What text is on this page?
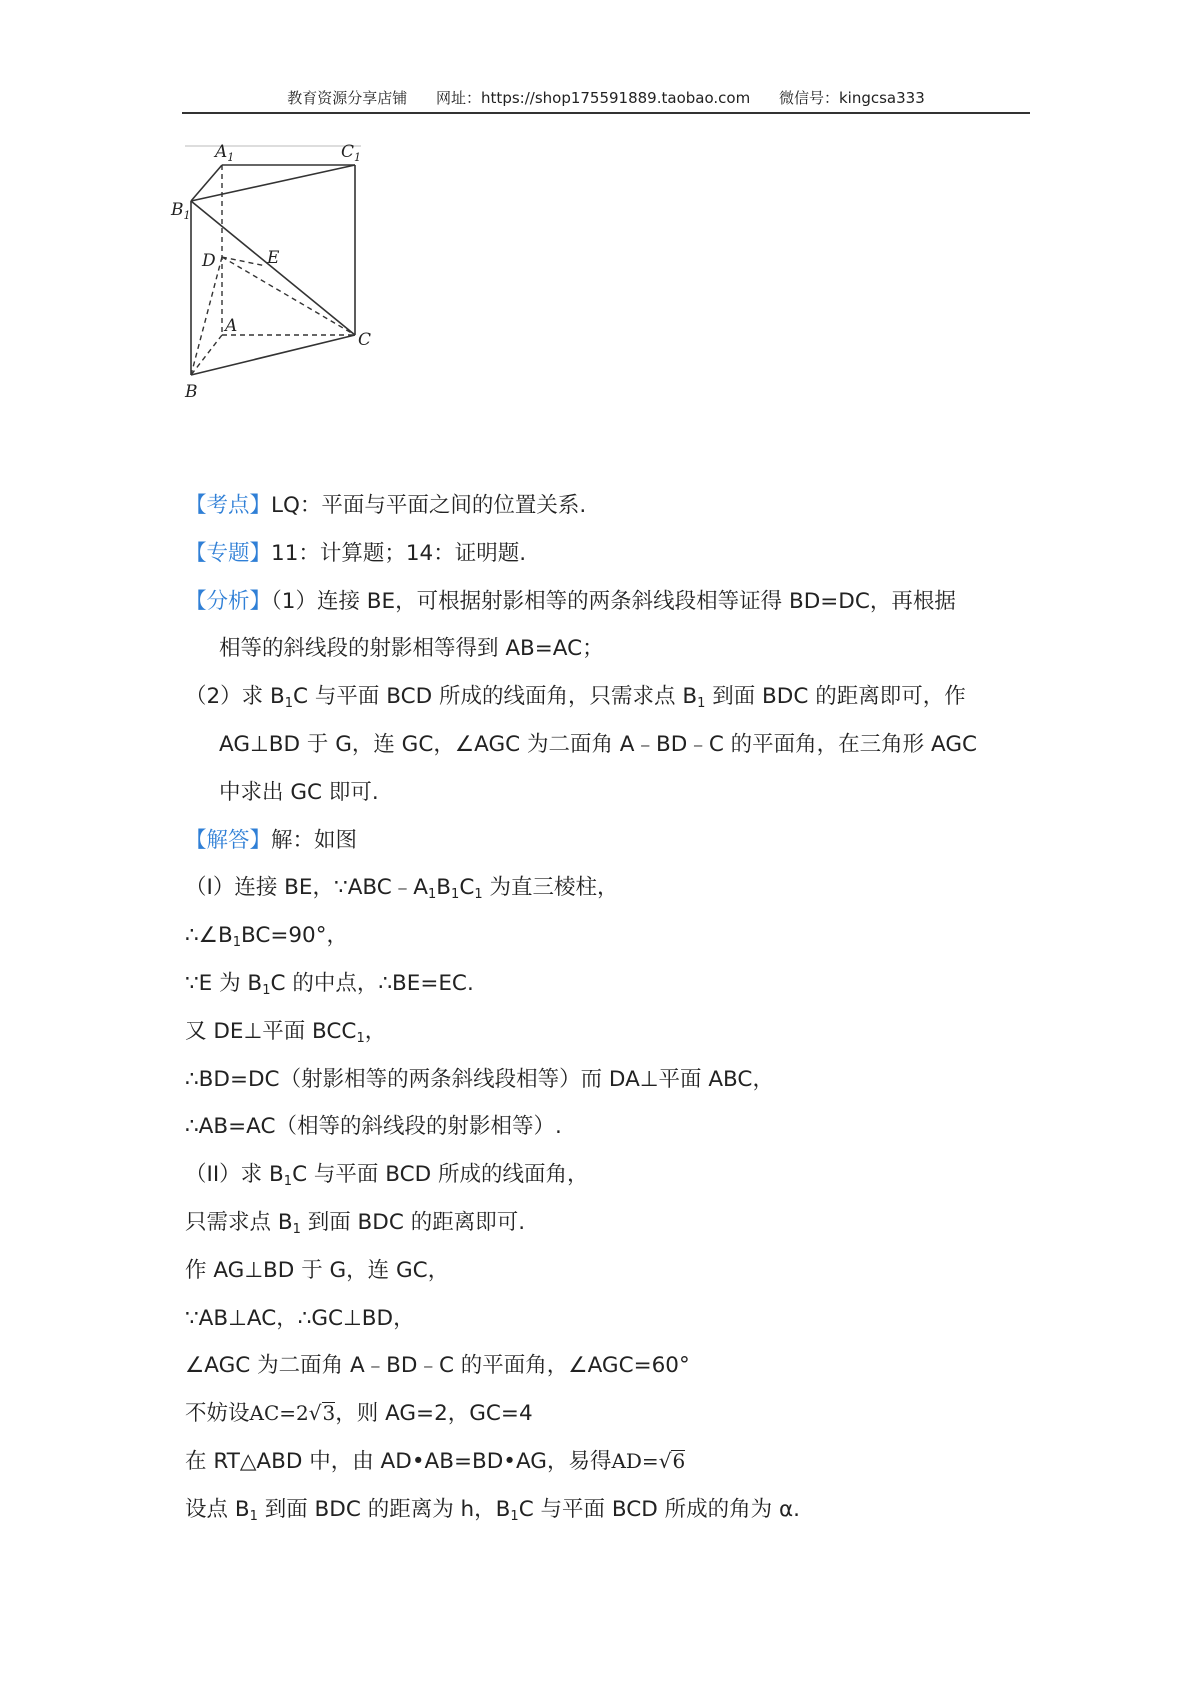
教育资源分享店铺 网址：https://shop175591889.taobao.com 微信号：kingcsa333
$A_1$	$C_1$
$B_1$
D	E
A
C
B
【考点】LQ：平面与平面之间的位置关系.
【专题】11：计算题；14：证明题.
【分析】（1）连接 BE，可根据射影相等的两条斜线段相等证得 BD=DC，再根据
相等的斜线段的射影相等得到 AB=AC；
（2）求 $B_1C$ 与平面 BCD 所成的线面角，只需求点 $B_1$ 到面 BDC 的距离即可，作
AG⊥BD 于 G，连 GC，∠AGC 为二面角 A﹣BD﹣C 的平面角，在三角形 AGC
中求出 GC 即可.
【解答】解：如图
（I）连接 BE，$\because ABC﹣A_1B_1C_1$ 为直三棱柱，
$\therefore\angle B_1BC=90^\circ$，
∵E 为 $B_1C$ 的中点，∴BE=EC.
又 DE⊥平面 $BCC_1$，
∴BD=DC（射影相等的两条斜线段相等）而 DA⊥平面 ABC，
∴AB=AC（相等的斜线段的射影相等）.
（II）求 $B_1C$ 与平面 BCD 所成的线面角，
只需求点 $B_1$ 到面 BDC 的距离即可.
作 AG⊥BD 于 G，连 GC，
∵AB⊥AC，∴GC⊥BD，
∠AGC 为二面角 A﹣BD﹣C 的平面角，∠AGC=60°
不妨设AC=2√3，则 AG=2，GC=4
在 RT△ABD 中，由 AD•AB=BD•AG，易得AD=√6
设点 $B_1$ 到面 BDC 的距离为 h，$B_1C$ 与平面 BCD 所成的角为 α.
